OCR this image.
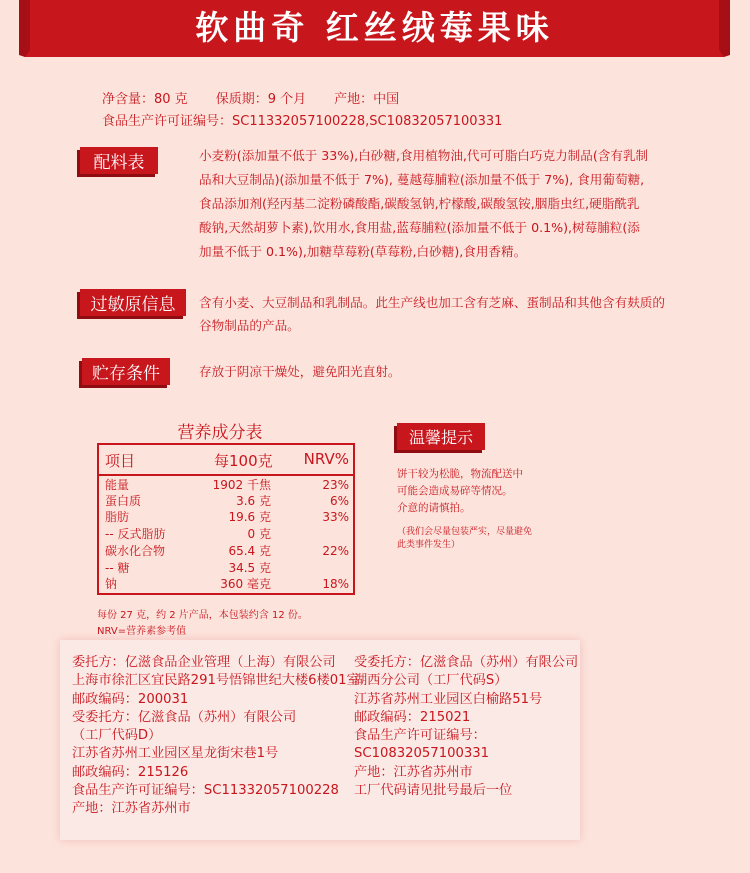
软曲奇 红丝绒莓果味
净含量：80 克 保质期：9 个月 产地：中国
食品生产许可证编号：SC11332057100228,SC10832057100331
配料表	小麦粉(添加量不低于 33%),白砂糖,食用植物油,代可可脂白巧克力制品(含有乳制
品和大豆制品)(添加量不低于 7%), 蔓越莓脯粒(添加量不低于 7%), 食用葡萄糖,
食品添加剂(羟丙基二淀粉磷酸酯,碳酸氢钠,柠檬酸,碳酸氢铵,胭脂虫红,硬脂酰乳
酸钠,天然胡萝卜素),饮用水,食用盐,蓝莓脯粒(添加量不低于 0.1%),树莓脯粒(添
加量不低于 0.1%),加糖草莓粉(草莓粉,白砂糖),食用香精。
过敏原信息	含有小麦、大豆制品和乳制品。此生产线也加工含有芝麻、蛋制品和其他含有麸质的
谷物制品的产品。
贮存条件	存放于阴凉干燥处，避免阳光直射。
营养成分表
项目	每100克 NRV%
能量	1902 千焦	23%
蛋白质	3.6 克	6%
脂肪	19.6 克	33%
-- 反式脂肪	0 克
碳水化合物	65.4 克	22%
-- 糖	34.5 克
钠	360 毫克	18%
每份 27 克，约 2 片产品，本包装约含 12 份。
NRV=营养素参考值
温馨提示
饼干较为松脆，物流配送中
可能会造成易碎等情况。
介意的请慎拍。
（我们会尽量包装严实，尽量避免
此类事件发生）
委托方：亿滋食品企业管理（上海）有限公司
上海市徐汇区宜民路291号悟锦世纪大楼6楼01室
邮政编码：200031
受委托方：亿滋食品（苏州）有限公司
（工厂代码D）
江苏省苏州工业园区星龙街宋巷1号
邮政编码：215126
食品生产许可证编号：SC11332057100228
产地：江苏省苏州市
受委托方：亿滋食品（苏州）有限公司
湖西分公司（工厂代码S）
江苏省苏州工业园区白榆路51号
邮政编码：215021
食品生产许可证编号：
SC10832057100331
产地：江苏省苏州市
工厂代码请见批号最后一位
